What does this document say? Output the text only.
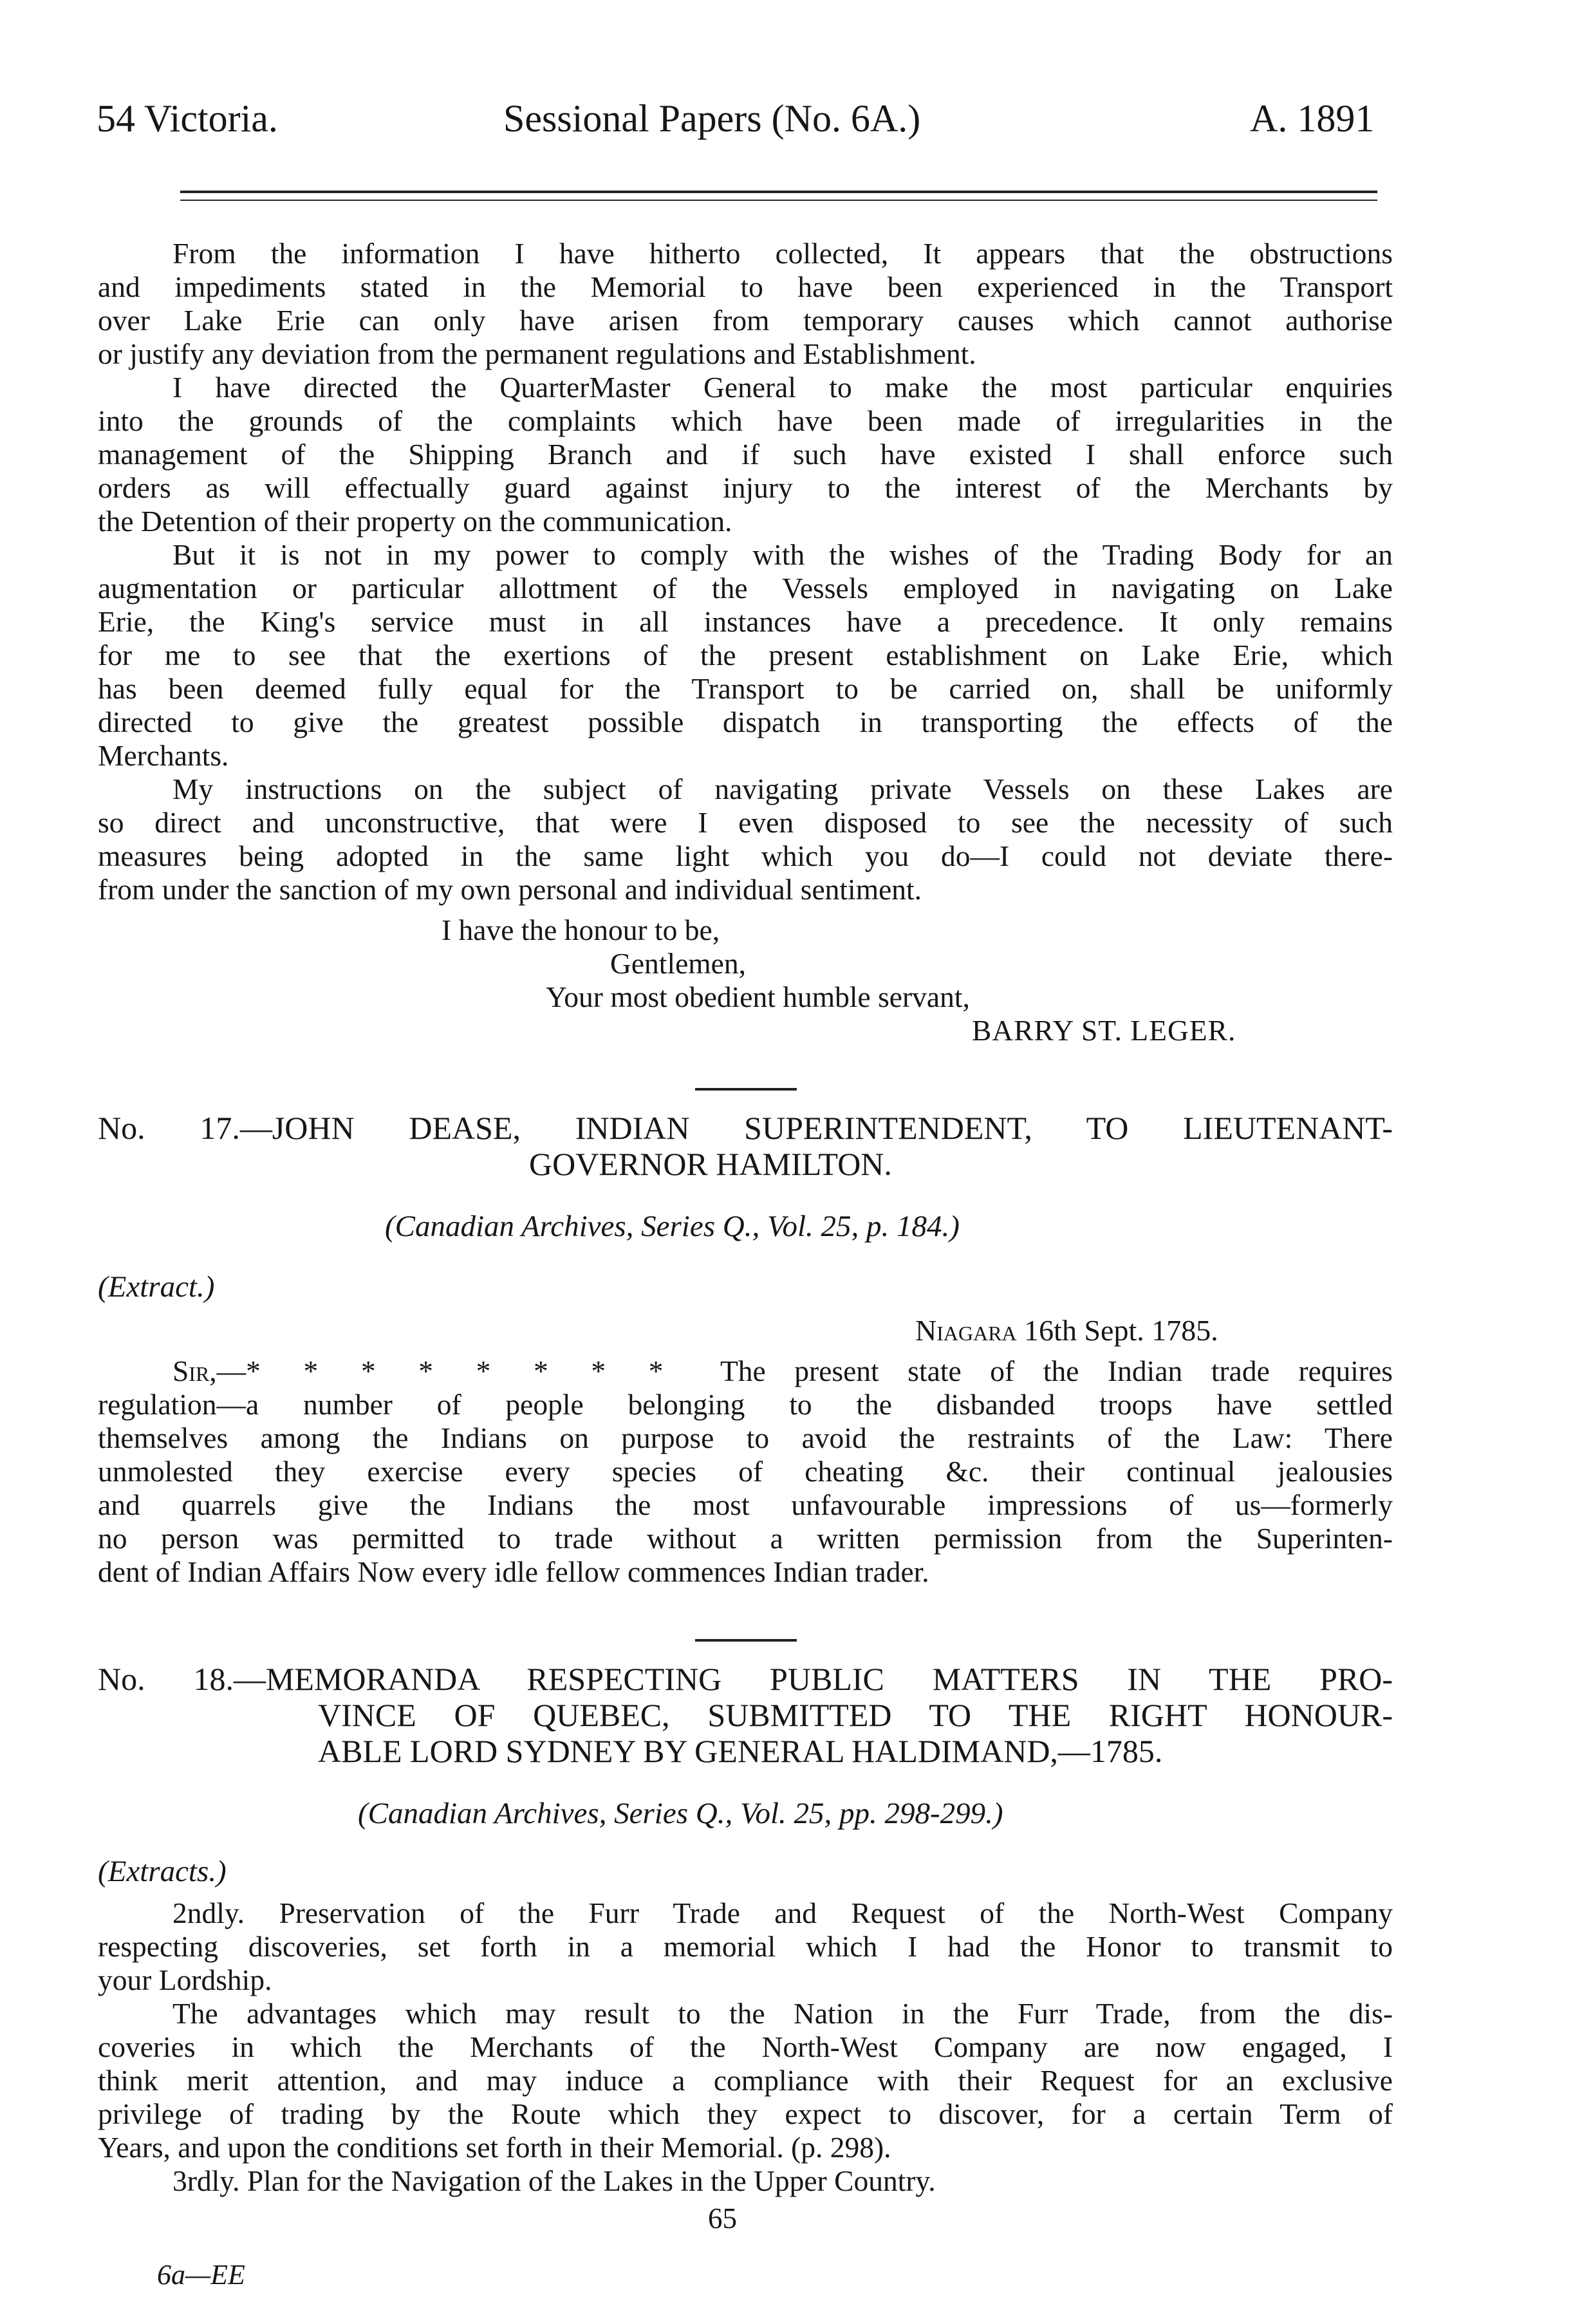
54 Victoria.	Sessional Papers (No. 6A.)	A. 1891
From the information I have hitherto collected, It appears that the obstructions
and impediments stated in the Memorial to have been experienced in the Transport
over Lake Erie can only have arisen from temporary causes which cannot authorise
or justify any deviation from the permanent regulations and Establishment.
I have directed the QuarterMaster General to make the most particular enquiries
into the grounds of the complaints which have been made of irregularities in the
management of the Shipping Branch and if such have existed I shall enforce such
orders as will effectually guard against injury to the interest of the Merchants by
the Detention of their property on the communication.
But it is not in my power to comply with the wishes of the Trading Body for an
augmentation or particular allottment of the Vessels employed in navigating on Lake
Erie, the King's service must in all instances have a precedence. It only remains
for me to see that the exertions of the present establishment on Lake Erie, which
has been deemed fully equal for the Transport to be carried on, shall be uniformly
directed to give the greatest possible dispatch in transporting the effects of the
Merchants.
My instructions on the subject of navigating private Vessels on these Lakes are
so direct and unconstructive, that were I even disposed to see the necessity of such
measures being adopted in the same light which you do—I could not deviate there-
from under the sanction of my own personal and individual sentiment.
I have the honour to be,
Gentlemen,
Your most obedient humble servant,
BARRY ST. LEGER.
No. 17.—JOHN DEASE, INDIAN SUPERINTENDENT, TO LIEUTENANT-
GOVERNOR HAMILTON.
(Canadian Archives, Series Q., Vol. 25, p. 184.)
(Extract.)
Niagara 16th Sept. 1785.
Sir,—* * * * * * * * The present state of the Indian trade requires
regulation—a number of people belonging to the disbanded troops have settled
themselves among the Indians on purpose to avoid the restraints of the Law: There
unmolested they exercise every species of cheating &c. their continual jealousies
and quarrels give the Indians the most unfavourable impressions of us—formerly
no person was permitted to trade without a written permission from the Superinten-
dent of Indian Affairs Now every idle fellow commences Indian trader.
No. 18.—MEMORANDA RESPECTING PUBLIC MATTERS IN THE PRO-
VINCE OF QUEBEC, SUBMITTED TO THE RIGHT HONOUR-
ABLE LORD SYDNEY BY GENERAL HALDIMAND,—1785.
(Canadian Archives, Series Q., Vol. 25, pp. 298-299.)
(Extracts.)
2ndly. Preservation of the Furr Trade and Request of the North-West Company
respecting discoveries, set forth in a memorial which I had the Honor to transmit to
your Lordship.
The advantages which may result to the Nation in the Furr Trade, from the dis-
coveries in which the Merchants of the North-West Company are now engaged, I
think merit attention, and may induce a compliance with their Request for an exclusive
privilege of trading by the Route which they expect to discover, for a certain Term of
Years, and upon the conditions set forth in their Memorial. (p. 298).
3rdly. Plan for the Navigation of the Lakes in the Upper Country.
65
6a—EE
